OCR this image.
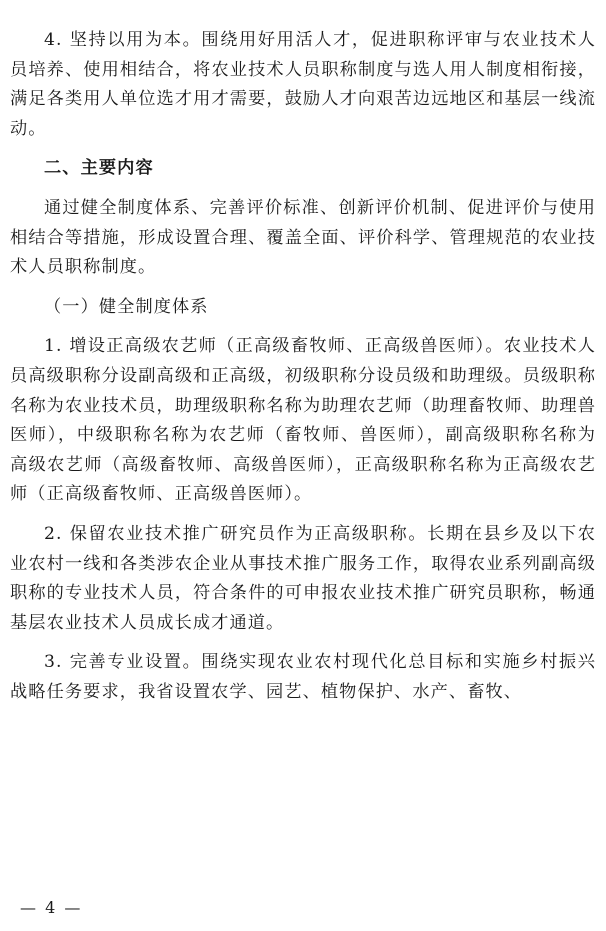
4. 坚持以用为本。围绕用好用活人才，促进职称评审与农业技术人员培养、使用相结合，将农业技术人员职称制度与选人用人制度相衔接，满足各类用人单位选才用才需要，鼓励人才向艰苦边远地区和基层一线流动。

二、主要内容

通过健全制度体系、完善评价标准、创新评价机制、促进评价与使用相结合等措施，形成设置合理、覆盖全面、评价科学、管理规范的农业技术人员职称制度。

（一）健全制度体系

1. 增设正高级农艺师（正高级畜牧师、正高级兽医师）。农业技术人员高级职称分设副高级和正高级，初级职称分设员级和助理级。员级职称名称为农业技术员，助理级职称名称为助理农艺师（助理畜牧师、助理兽医师），中级职称名称为农艺师（畜牧师、兽医师），副高级职称名称为高级农艺师（高级畜牧师、高级兽医师），正高级职称名称为正高级农艺师（正高级畜牧师、正高级兽医师）。

2. 保留农业技术推广研究员作为正高级职称。长期在县乡及以下农业农村一线和各类涉农企业从事技术推广服务工作，取得农业系列副高级职称的专业技术人员，符合条件的可申报农业技术推广研究员职称，畅通基层农业技术人员成长成才通道。

3. 完善专业设置。围绕实现农业农村现代化总目标和实施乡村振兴战略任务要求，我省设置农学、园艺、植物保护、水产、畜牧、

— 4 —
